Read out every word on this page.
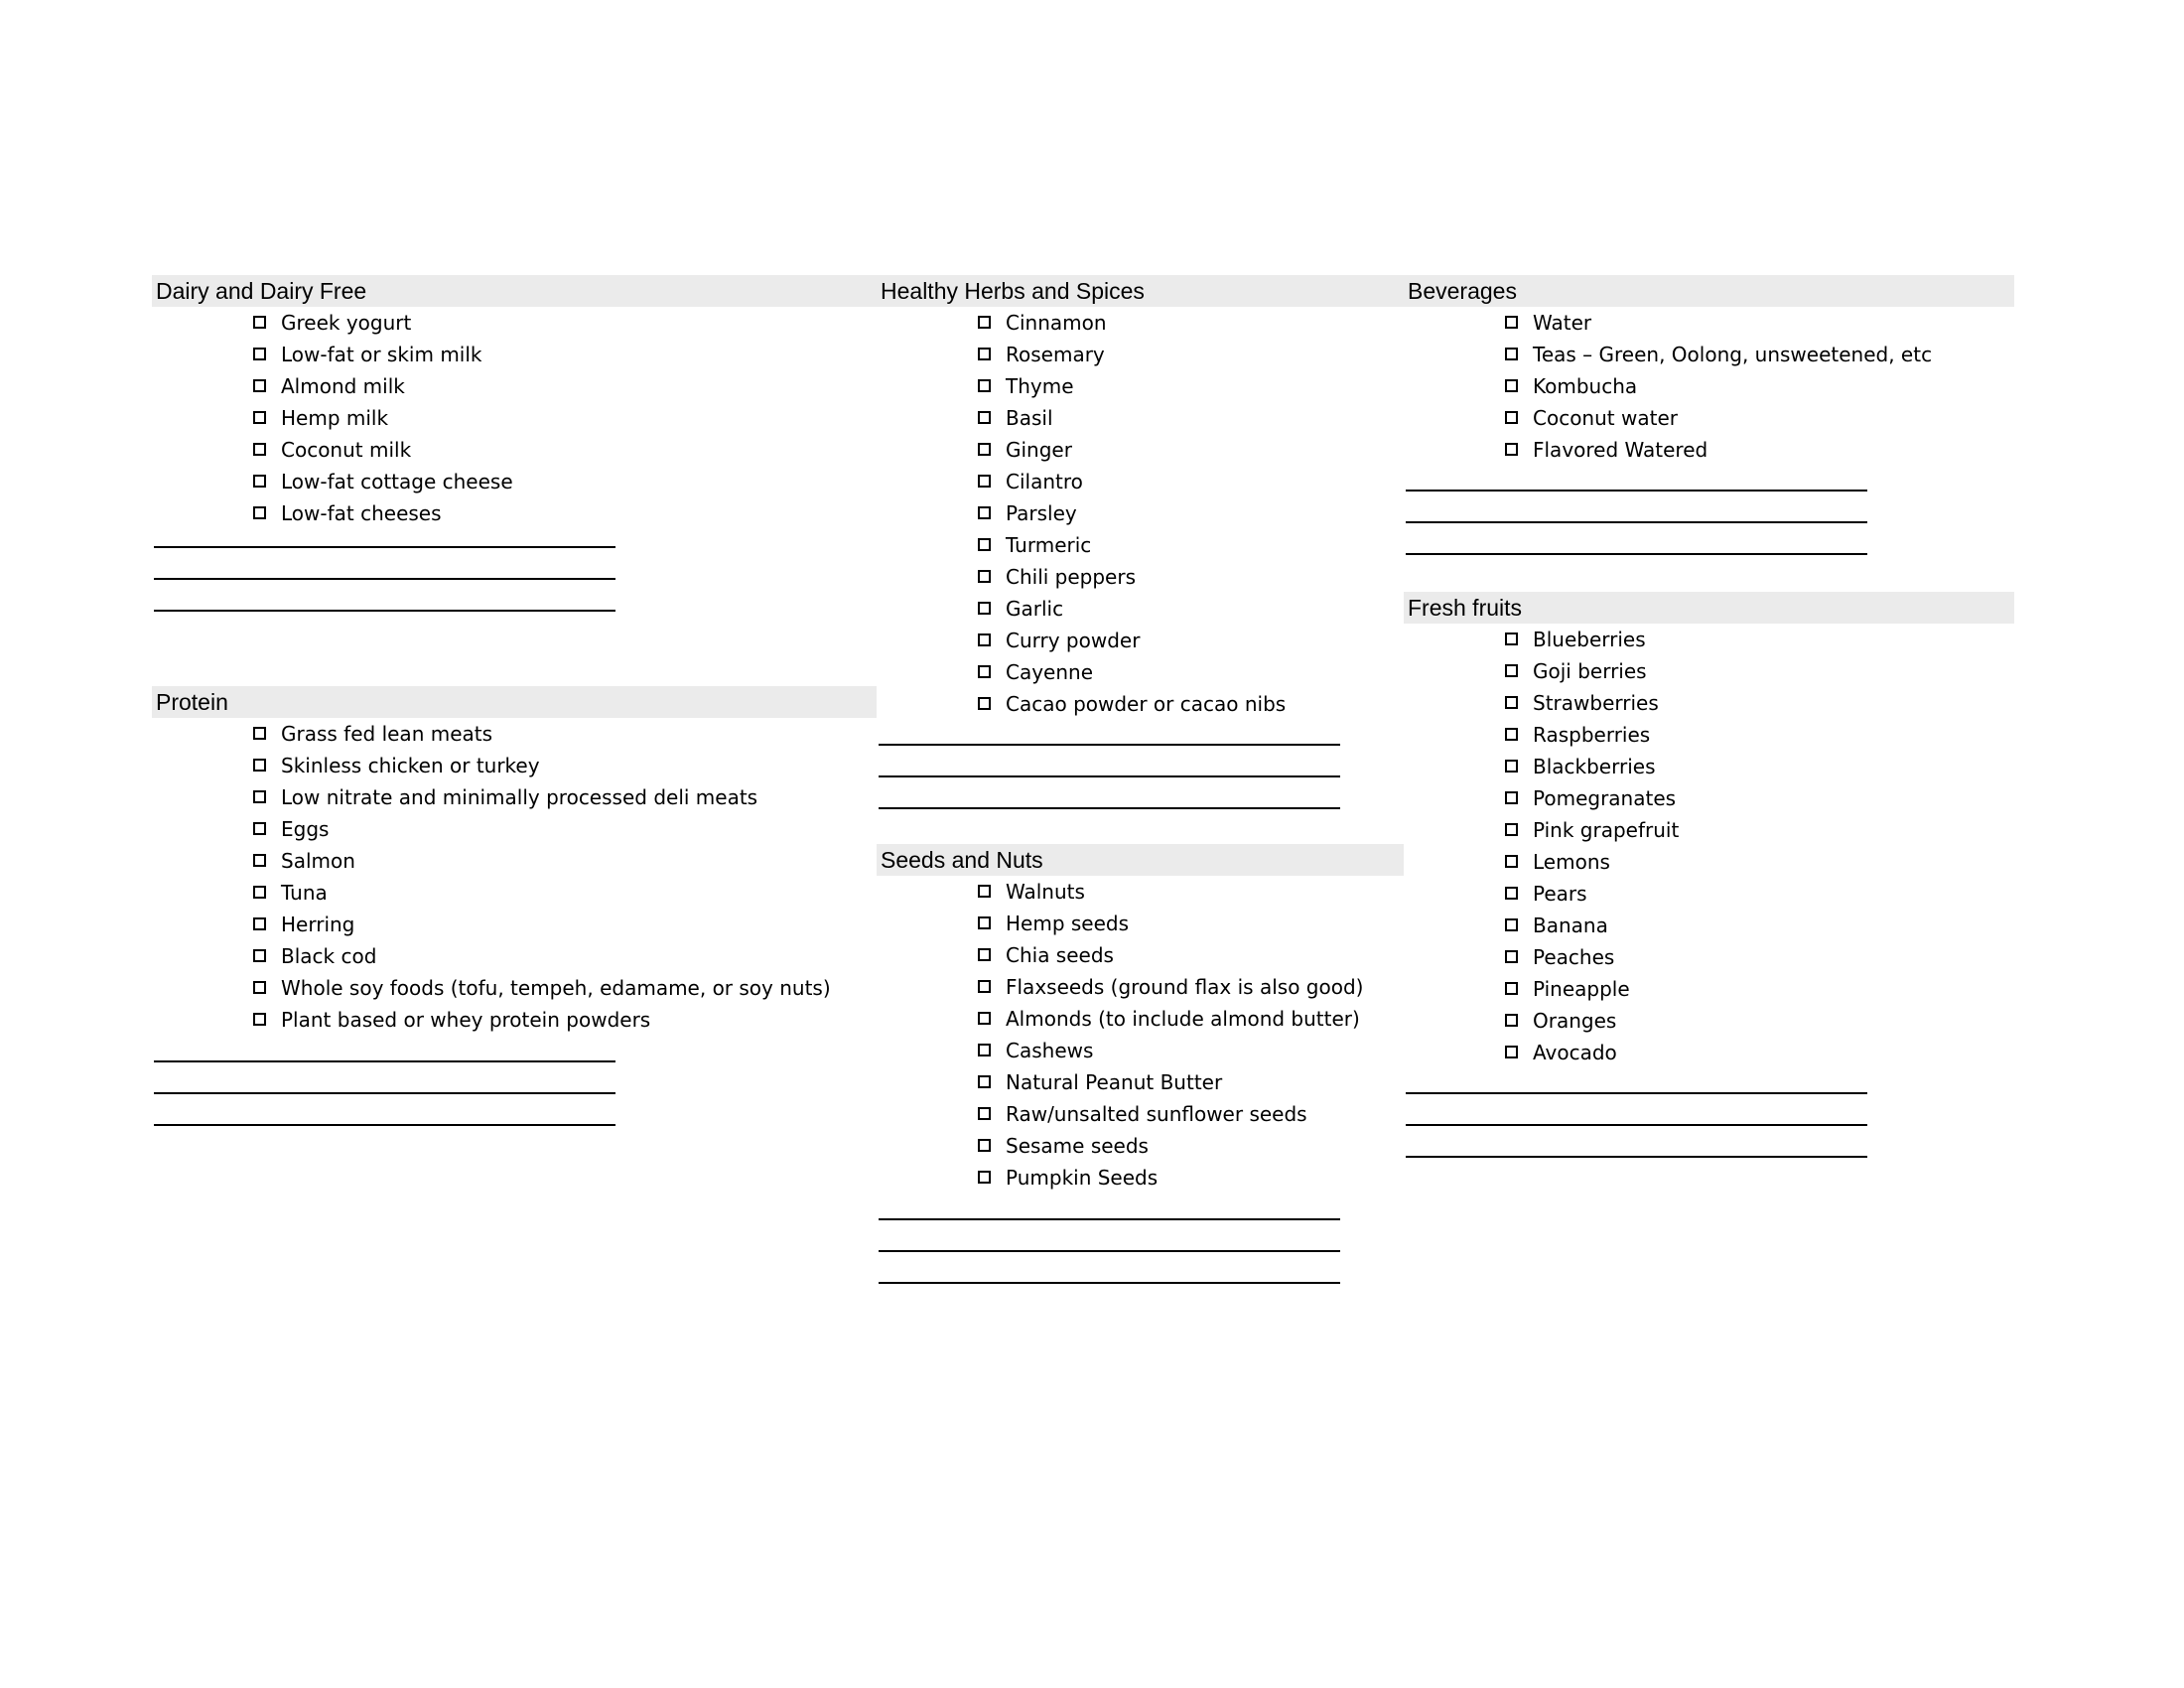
Dairy and Dairy Free
Greek yogurt
Low-fat or skim milk
Almond milk
Hemp milk
Coconut milk
Low-fat cottage cheese
Low-fat cheeses
Protein
Grass fed lean meats
Skinless chicken or turkey
Low nitrate and minimally processed deli meats
Eggs
Salmon
Tuna
Herring
Black cod
Whole soy foods (tofu, tempeh, edamame, or soy nuts)
Plant based or whey protein powders
Healthy Herbs and Spices
Cinnamon
Rosemary
Thyme
Basil
Ginger
Cilantro
Parsley
Turmeric
Chili peppers
Garlic
Curry powder
Cayenne
Cacao powder or cacao nibs
Seeds and Nuts
Walnuts
Hemp seeds
Chia seeds
Flaxseeds (ground flax is also good)
Almonds (to include almond butter)
Cashews
Natural Peanut Butter
Raw/unsalted sunflower seeds
Sesame seeds
Pumpkin Seeds
Beverages
Water
Teas – Green, Oolong, unsweetened, etc
Kombucha
Coconut water
Flavored Watered
Fresh fruits
Blueberries
Goji berries
Strawberries
Raspberries
Blackberries
Pomegranates
Pink grapefruit
Lemons
Pears
Banana
Peaches
Pineapple
Oranges
Avocado
